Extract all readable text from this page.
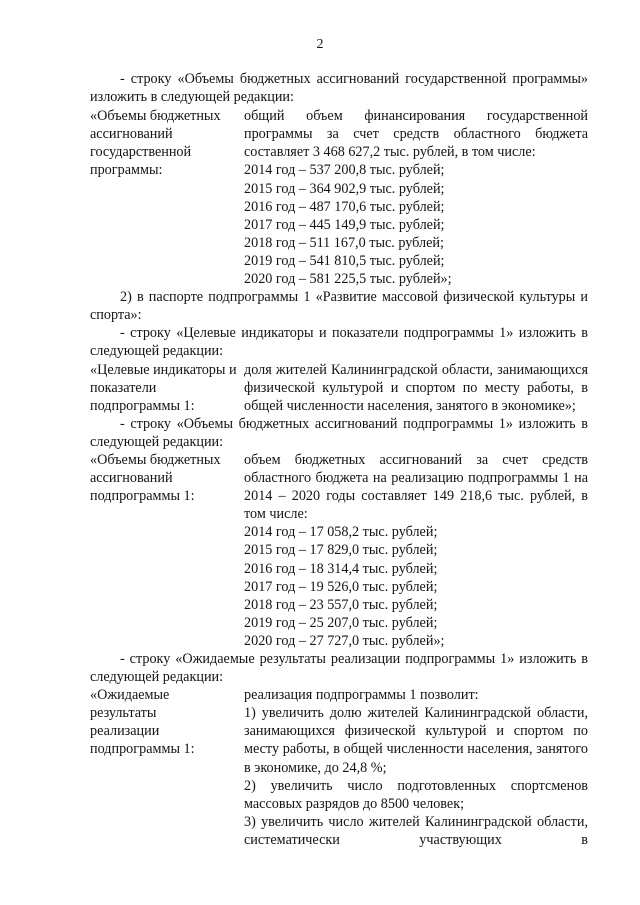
2

- строку «Объемы бюджетных ассигнований государственной программы» изложить в следующей редакции:

«Объемы бюджетных ассигнований государственной программы:
общий объем финансирования государственной программы за счет средств областного бюджета составляет 3 468 627,2 тыс. рублей, в том числе:
2014 год – 537 200,8 тыс. рублей;
2015 год – 364 902,9 тыс. рублей;
2016 год – 487 170,6 тыс. рублей;
2017 год – 445 149,9 тыс. рублей;
2018 год – 511 167,0 тыс. рублей;
2019 год – 541 810,5 тыс. рублей;
2020 год – 581 225,5 тыс. рублей»;

2) в паспорте подпрограммы 1 «Развитие массовой физической культуры и спорта»:

- строку «Целевые индикаторы и показатели подпрограммы 1» изложить в следующей редакции:

«Целевые индикаторы и показатели подпрограммы 1:
доля жителей Калининградской области, занимающихся физической культурой и спортом по месту работы, в общей численности населения, занятого в экономике»;

- строку «Объемы бюджетных ассигнований подпрограммы 1» изложить в следующей редакции:

«Объемы бюджетных ассигнований подпрограммы 1:
объем бюджетных ассигнований за счет средств областного бюджета на реализацию подпрограммы 1 на 2014 – 2020 годы составляет 149 218,6 тыс. рублей, в том числе:
2014 год – 17 058,2 тыс. рублей;
2015 год – 17 829,0 тыс. рублей;
2016 год – 18 314,4 тыс. рублей;
2017 год – 19 526,0 тыс. рублей;
2018 год – 23 557,0 тыс. рублей;
2019 год – 25 207,0 тыс. рублей;
2020 год – 27 727,0 тыс. рублей»;

- строку «Ожидаемые результаты реализации подпрограммы 1» изложить в следующей редакции:

«Ожидаемые результаты реализации подпрограммы 1:
реализация подпрограммы 1 позволит:
1) увеличить долю жителей Калининградской области, занимающихся физической культурой и спортом по месту работы, в общей численности населения, занятого в экономике, до 24,8 %;
2) увеличить число подготовленных спортсменов массовых разрядов до 8500 человек;
3) увеличить число жителей Калининградской области, систематически участвующих в
